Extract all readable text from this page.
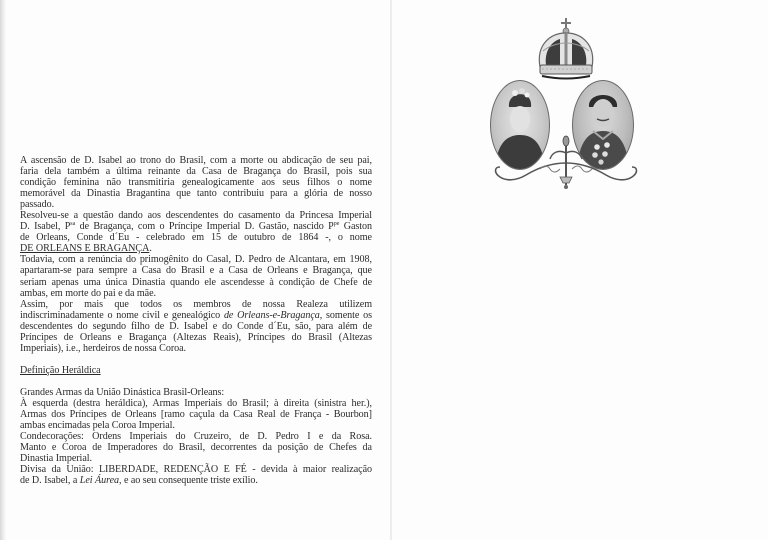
A ascensão de D. Isabel ao trono do Brasil, com a morte ou abdicação de seu pai,
faria dela também a última reinante da Casa de Bragança do Brasil, pois sua
condição feminina não transmitiria genealogicamente aos seus filhos o nome
memorável da Dinastia Bragantina que tanto contribuiu para a glória de nosso
passado.
Resolveu-se a questão dando aos descendentes do casamento da Princesa Imperial
D. Isabel, $P^{sa}$ de Bragança, com o Príncipe Imperial D. Gastão, nascido $P^{pe}$ Gaston
de Orleans, Conde d´Eu - celebrado em 15 de outubro de 1864 -, o nome
DE ORLEANS E BRAGANÇA.
Todavia, com a renúncia do primogênito do Casal, D. Pedro de Alcantara, em 1908,
apartaram-se para sempre a Casa do Brasil e a Casa de Orleans e Bragança, que
seriam apenas uma única Dinastia quando ele ascendesse à condição de Chefe de
ambas, em morte do pai e da mãe.
Assim, por mais que todos os membros de nossa Realeza utilizem
indiscriminadamente o nome civil e genealógico de Orleans-e-Bragança, somente os
descendentes do segundo filho de D. Isabel e do Conde d´Eu, são, para além de
Príncipes de Orleans e Bragança (Altezas Reais), Príncipes do Brasil (Altezas
Imperiais), i.e., herdeiros de nossa Coroa.
Definição Heráldica
Grandes Armas da União Dinástica Brasil-Orleans:
À esquerda (destra heráldica), Armas Imperiais do Brasil; à direita (sinistra her.),
Armas dos Príncipes de Orleans [ramo caçula da Casa Real de França - Bourbon]
ambas encimadas pela Coroa Imperial.
Condecorações: Ordens Imperiais do Cruzeiro, de D. Pedro I e da Rosa.
Manto e Coroa de Imperadores do Brasil, decorrentes da posição de Chefes da
Dinastia Imperial.
Divisa da União: LIBERDADE, REDENÇÃO E FÉ - devida à maior realização
de D. Isabel, a Lei Áurea, e ao seu consequente triste exílio.
